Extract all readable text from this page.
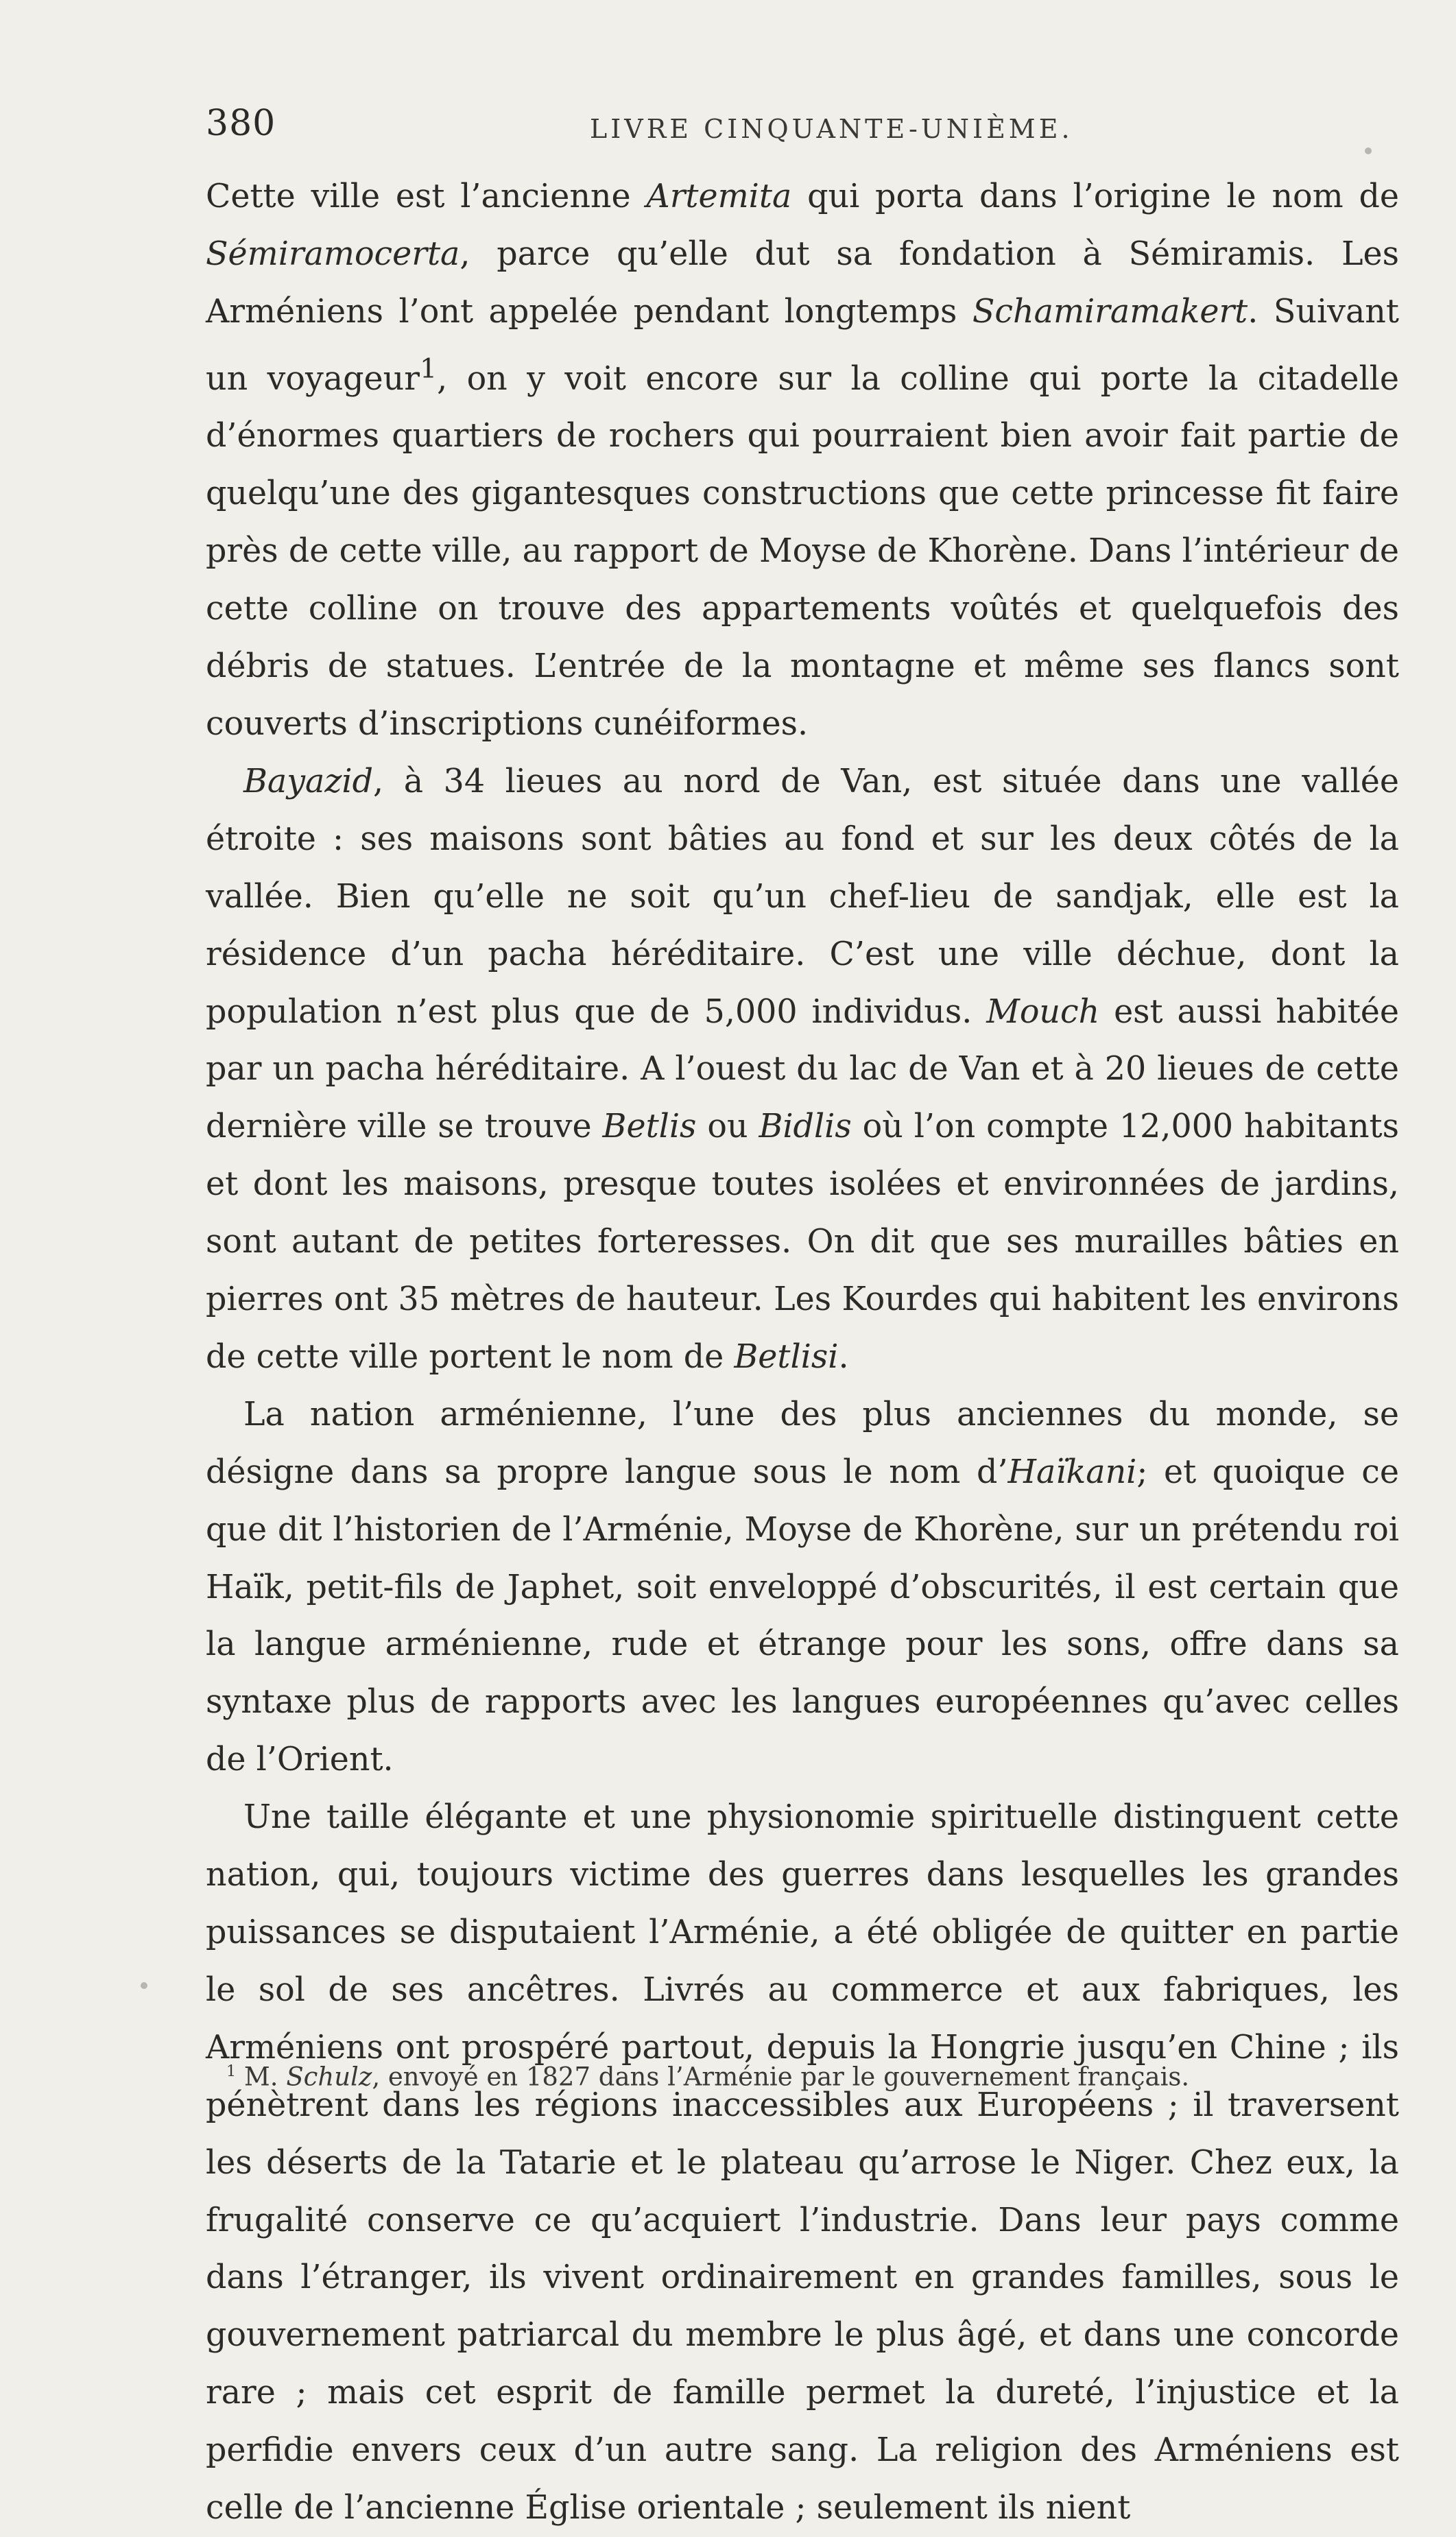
380	LIVRE CINQUANTE-UNIÈME.

Cette ville est l’ancienne Artemita qui porta dans l’origine le nom de Sémiramocerta, parce qu’elle dut sa fondation à Sémiramis. Les Arméniens l’ont appelée pendant longtemps Schamiramakert. Suivant un voyageur$^1$, on y voit encore sur la colline qui porte la citadelle d’énormes quartiers de rochers qui pourraient bien avoir fait partie de quelqu’une des gigantesques constructions que cette princesse fit faire près de cette ville, au rapport de Moyse de Khorène. Dans l’intérieur de cette colline on trouve des appartements voûtés et quelquefois des débris de statues. L’entrée de la montagne et même ses flancs sont couverts d’inscriptions cunéiformes.

Bayazid, à 34 lieues au nord de Van, est située dans une vallée étroite : ses maisons sont bâties au fond et sur les deux côtés de la vallée. Bien qu’elle ne soit qu’un chef-lieu de sandjak, elle est la résidence d’un pacha héréditaire. C’est une ville déchue, dont la population n’est plus que de 5,000 individus. Mouch est aussi habitée par un pacha héréditaire. A l’ouest du lac de Van et à 20 lieues de cette dernière ville se trouve Betlis ou Bidlis où l’on compte 12,000 habitants et dont les maisons, presque toutes isolées et environnées de jardins, sont autant de petites forteresses. On dit que ses murailles bâties en pierres ont 35 mètres de hauteur. Les Kourdes qui habitent les environs de cette ville portent le nom de Betlisi.

La nation arménienne, l’une des plus anciennes du monde, se désigne dans sa propre langue sous le nom d’Haïkani; et quoique ce que dit l’historien de l’Arménie, Moyse de Khorène, sur un prétendu roi Haïk, petit-fils de Japhet, soit enveloppé d’obscurités, il est certain que la langue arménienne, rude et étrange pour les sons, offre dans sa syntaxe plus de rapports avec les langues européennes qu’avec celles de l’Orient.

Une taille élégante et une physionomie spirituelle distinguent cette nation, qui, toujours victime des guerres dans lesquelles les grandes puissances se disputaient l’Arménie, a été obligée de quitter en partie le sol de ses ancêtres. Livrés au commerce et aux fabriques, les Arméniens ont prospéré partout, depuis la Hongrie jusqu’en Chine ; ils pénètrent dans les régions inaccessibles aux Européens ; il traversent les déserts de la Tatarie et le plateau qu’arrose le Niger. Chez eux, la frugalité conserve ce qu’acquiert l’industrie. Dans leur pays comme dans l’étranger, ils vivent ordinairement en grandes familles, sous le gouvernement patriarcal du membre le plus âgé, et dans une concorde rare ; mais cet esprit de famille permet la dureté, l’injustice et la perfidie envers ceux d’un autre sang. La religion des Arméniens est celle de l’ancienne Église orientale ; seulement ils nient

$^1$ M. Schulz, envoyé en 1827 dans l’Arménie par le gouvernement français.
